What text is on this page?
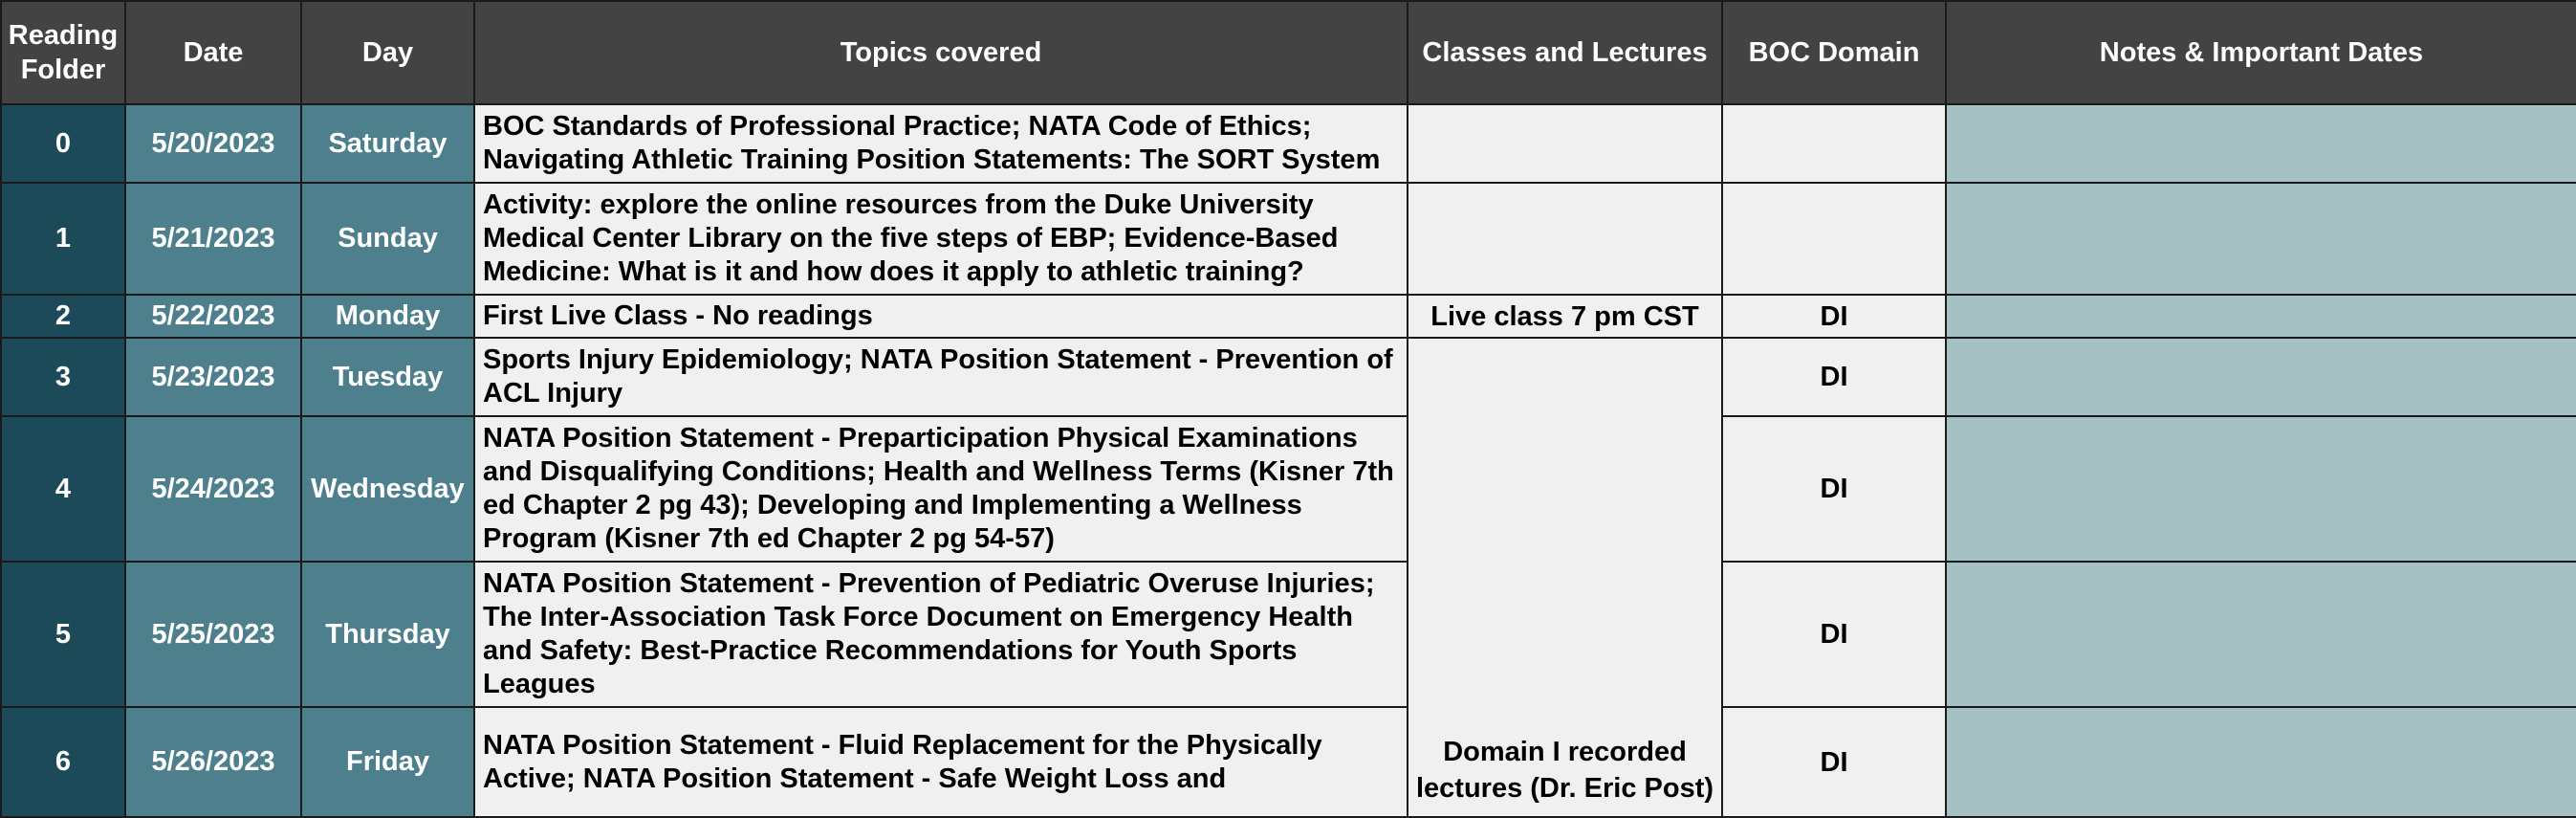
Reading Folder	Date	Day	Topics covered	Classes and Lectures	BOC Domain	Notes & Important Dates
0	5/20/2023	Saturday	BOC Standards of Professional Practice; NATA Code of Ethics; Navigating Athletic Training Position Statements: The SORT System			
1	5/21/2023	Sunday	Activity: explore the online resources from the Duke University Medical Center Library on the five steps of EBP; Evidence-Based Medicine: What is it and how does it apply to athletic training?			
2	5/22/2023	Monday	First Live Class - No readings	Live class 7 pm CST	DI	
3	5/23/2023	Tuesday	Sports Injury Epidemiology; NATA Position Statement - Prevention of ACL Injury	Domain I recorded lectures (Dr. Eric Post)	DI	
4	5/24/2023	Wednesday	NATA Position Statement - Preparticipation Physical Examinations and Disqualifying Conditions; Health and Wellness Terms (Kisner 7th ed Chapter 2 pg 43); Developing and Implementing a Wellness Program (Kisner 7th ed Chapter 2 pg 54-57)		DI	
5	5/25/2023	Thursday	NATA Position Statement - Prevention of Pediatric Overuse Injuries; The Inter-Association Task Force Document on Emergency Health and Safety: Best-Practice Recommendations for Youth Sports Leagues		DI	
6	5/26/2023	Friday	NATA Position Statement - Fluid Replacement for the Physically Active; NATA Position Statement - Safe Weight Loss and		DI	
